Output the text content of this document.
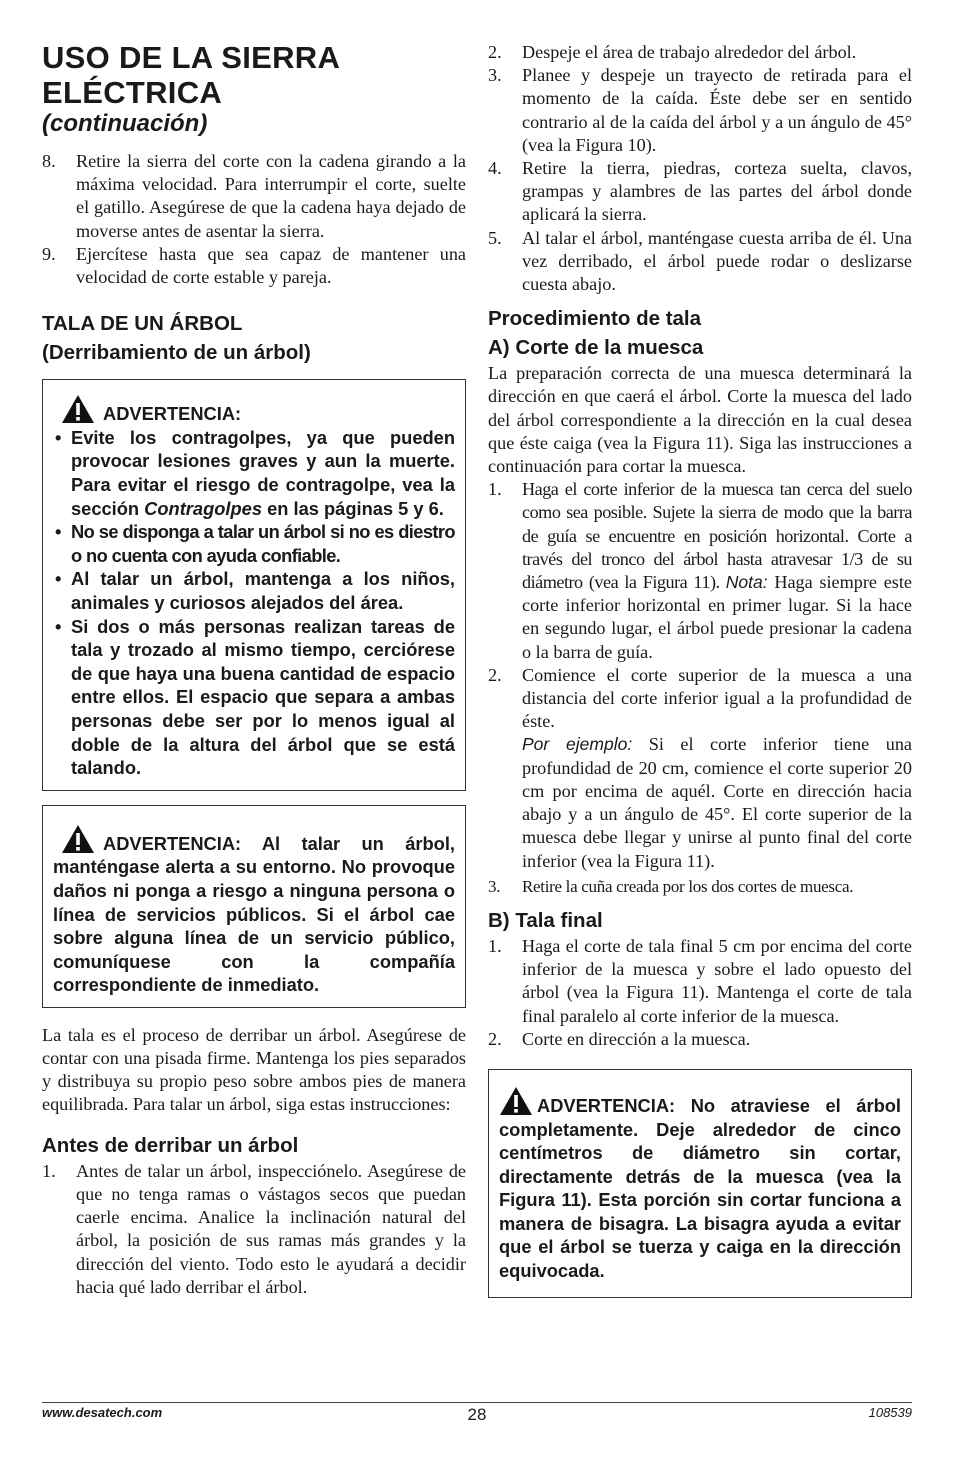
USO DE LA SIERRA
ELÉCTRICA
(continuación)
8. Retire la sierra del corte con la cadena girando a la máxima velocidad. Para interrumpir el corte, suelte el gatillo. Asegúrese de que la cadena haya dejado de moverse antes de asentar la sierra.
9. Ejercítese hasta que sea capaz de mantener una velocidad de corte estable y pareja.
TALA DE UN ÁRBOL
(Derribamiento de un árbol)
ADVERTENCIA:
• Evite los contragolpes, ya que pueden provocar lesiones graves y aun la muerte. Para evitar el riesgo de contragolpe, vea la sección Contragolpes en las páginas 5 y 6.
• No se disponga a talar un árbol si no es diestro o no cuenta con ayuda confiable.
• Al talar un árbol, mantenga a los niños, animales y curiosos alejados del área.
• Si dos o más personas realizan tareas de tala y trozado al mismo tiempo, cerciórese de que haya una buena cantidad de espacio entre ellos. El espacio que separa a ambas personas debe ser por lo menos igual al doble de la altura del árbol que se está talando.
ADVERTENCIA: Al talar un árbol, manténgase alerta a su entorno. No provoque daños ni ponga a riesgo a ninguna persona o línea de servicios públicos. Si el árbol cae sobre alguna línea de un servicio público, comuníquese con la compañía correspondiente de inmediato.

La tala es el proceso de derribar un árbol. Asegúrese de contar con una pisada firme. Mantenga los pies separados y distribuya su propio peso sobre ambos pies de manera equilibrada. Para talar un árbol, siga estas instrucciones:

Antes de derribar un árbol
1. Antes de talar un árbol, inspecciónelo. Asegúrese de que no tenga ramas o vástagos secos que puedan caerle encima. Analice la inclinación natural del árbol, la posición de sus ramas más grandes y la dirección del viento. Todo esto le ayudará a decidir hacia qué lado derribar el árbol.
2. Despeje el área de trabajo alrededor del árbol.
3. Planee y despeje un trayecto de retirada para el momento de la caída. Éste debe ser en sentido contrario al de la caída del árbol y a un ángulo de 45° (vea la Figura 10).
4. Retire la tierra, piedras, corteza suelta, clavos, grampas y alambres de las partes del árbol donde aplicará la sierra.
5. Al talar el árbol, manténgase cuesta arriba de él. Una vez derribado, el árbol puede rodar o deslizarse cuesta abajo.
Procedimiento de tala
A) Corte de la muesca

La preparación correcta de una muesca determinará la dirección en que caerá el árbol. Corte la muesca del lado del árbol correspondiente a la dirección en la cual desea que éste caiga (vea la Figura 11). Siga las instrucciones a continuación para cortar la muesca.

1. Haga el corte inferior de la muesca tan cerca del suelo como sea posible. Sujete la sierra de modo que la barra de guía se encuentre en posición horizontal. Corte a través del tronco del árbol hasta atravesar 1/3 de su diámetro (vea la Figura 11). Nota: Haga siempre este corte inferior horizontal en primer lugar. Si la hace en segundo lugar, el árbol puede presionar la cadena o la barra de guía.
2. Comience el corte superior de la muesca a una distancia del corte inferior igual a la profundidad de éste.
Por ejemplo: Si el corte inferior tiene una profundidad de 20 cm, comience el corte superior 20 cm por encima de aquél. Corte en dirección hacia abajo y a un ángulo de 45°. El corte superior de la muesca debe llegar y unirse al punto final del corte inferior (vea la Figura 11).
3. Retire la cuña creada por los dos cortes de muesca.
B) Tala final
1. Haga el corte de tala final 5 cm por encima del corte inferior de la muesca y sobre el lado opuesto del árbol (vea la Figura 11). Mantenga el corte de tala final paralelo al corte inferior de la muesca.
2. Corte en dirección a la muesca.
ADVERTENCIA: No atraviese el árbol completamente. Deje alrededor de cinco centímetros de diámetro sin cortar, directamente detrás de la muesca (vea la Figura 11). Esta porción sin cortar funciona a manera de bisagra. La bisagra ayuda a evitar que el árbol se tuerza y caiga en la dirección equivocada.
www.desatech.com	28	108539
